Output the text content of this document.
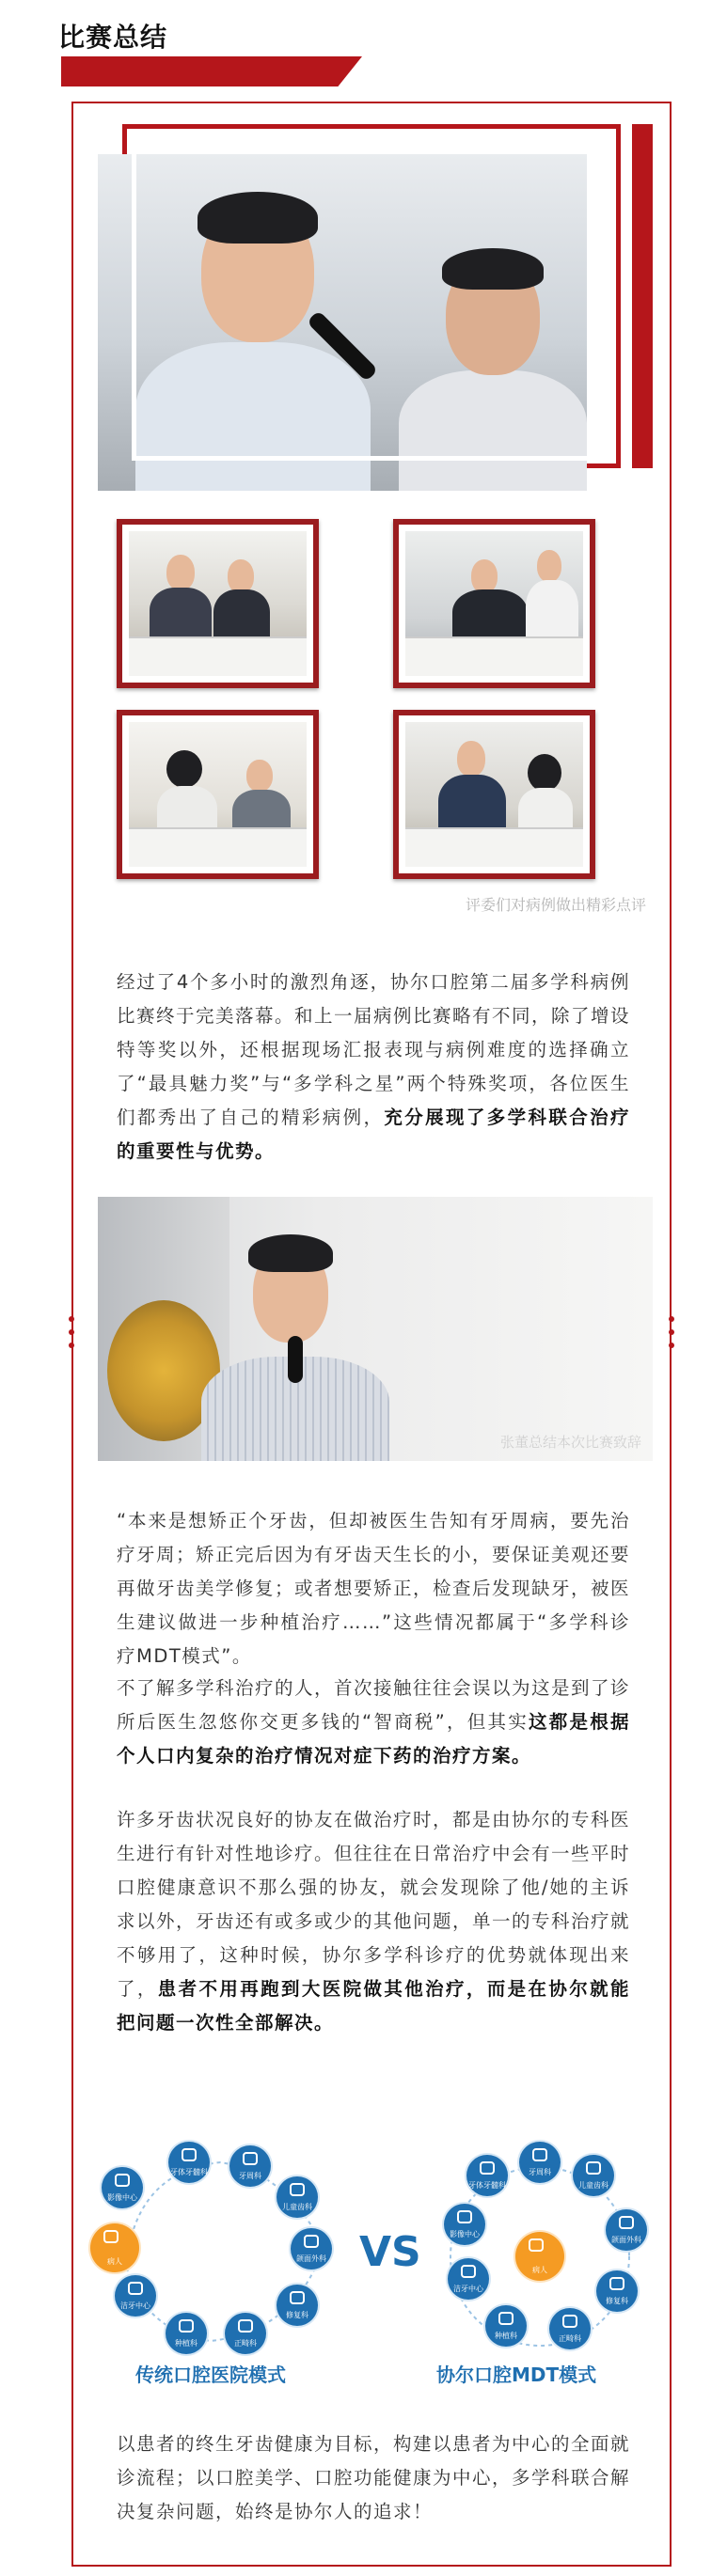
比赛总结
评委们对病例做出精彩点评

经过了4个多小时的激烈角逐，协尔口腔第二届多学科病例比赛终于完美落幕。和上一届病例比赛略有不同，除了增设特等奖以外，还根据现场汇报表现与病例难度的选择确立了“最具魅力奖”与“多学科之星”两个特殊奖项，各位医生们都秀出了自己的精彩病例，充分展现了多学科联合治疗的重要性与优势。

张董总结本次比赛致辞

“本来是想矫正个牙齿，但却被医生告知有牙周病，要先治疗牙周；矫正完后因为有牙齿天生长的小，要保证美观还要再做牙齿美学修复；或者想要矫正，检查后发现缺牙，被医生建议做进一步种植治疗……”这些情况都属于“多学科诊疗MDT模式”。

不了解多学科治疗的人，首次接触往往会误以为这是到了诊所后医生忽悠你交更多钱的“智商税”，但其实这都是根据个人口内复杂的治疗情况对症下药的治疗方案。

许多牙齿状况良好的协友在做治疗时，都是由协尔的专科医生进行有针对性地诊疗。但往往在日常治疗中会有一些平时口腔健康意识不那么强的协友，就会发现除了他/她的主诉求以外，牙齿还有或多或少的其他问题，单一的专科治疗就不够用了，这种时候，协尔多学科诊疗的优势就体现出来了，患者不用再跑到大医院做其他治疗，而是在协尔就能把问题一次性全部解决。

影像中心
牙体牙髓科	牙周科
儿童齿科
颌面外科
修复科
正畸科
种植科
洁牙中心
病人	VS	病人
牙体牙髓科
牙周科
儿童齿科
颌面外科
修复科
正畸科
种植科
洁牙中心
影像中心
传统口腔医院模式	协尔口腔MDT模式

以患者的终生牙齿健康为目标，构建以患者为中心的全面就诊流程；以口腔美学、口腔功能健康为中心，多学科联合解决复杂问题，始终是协尔人的追求！
